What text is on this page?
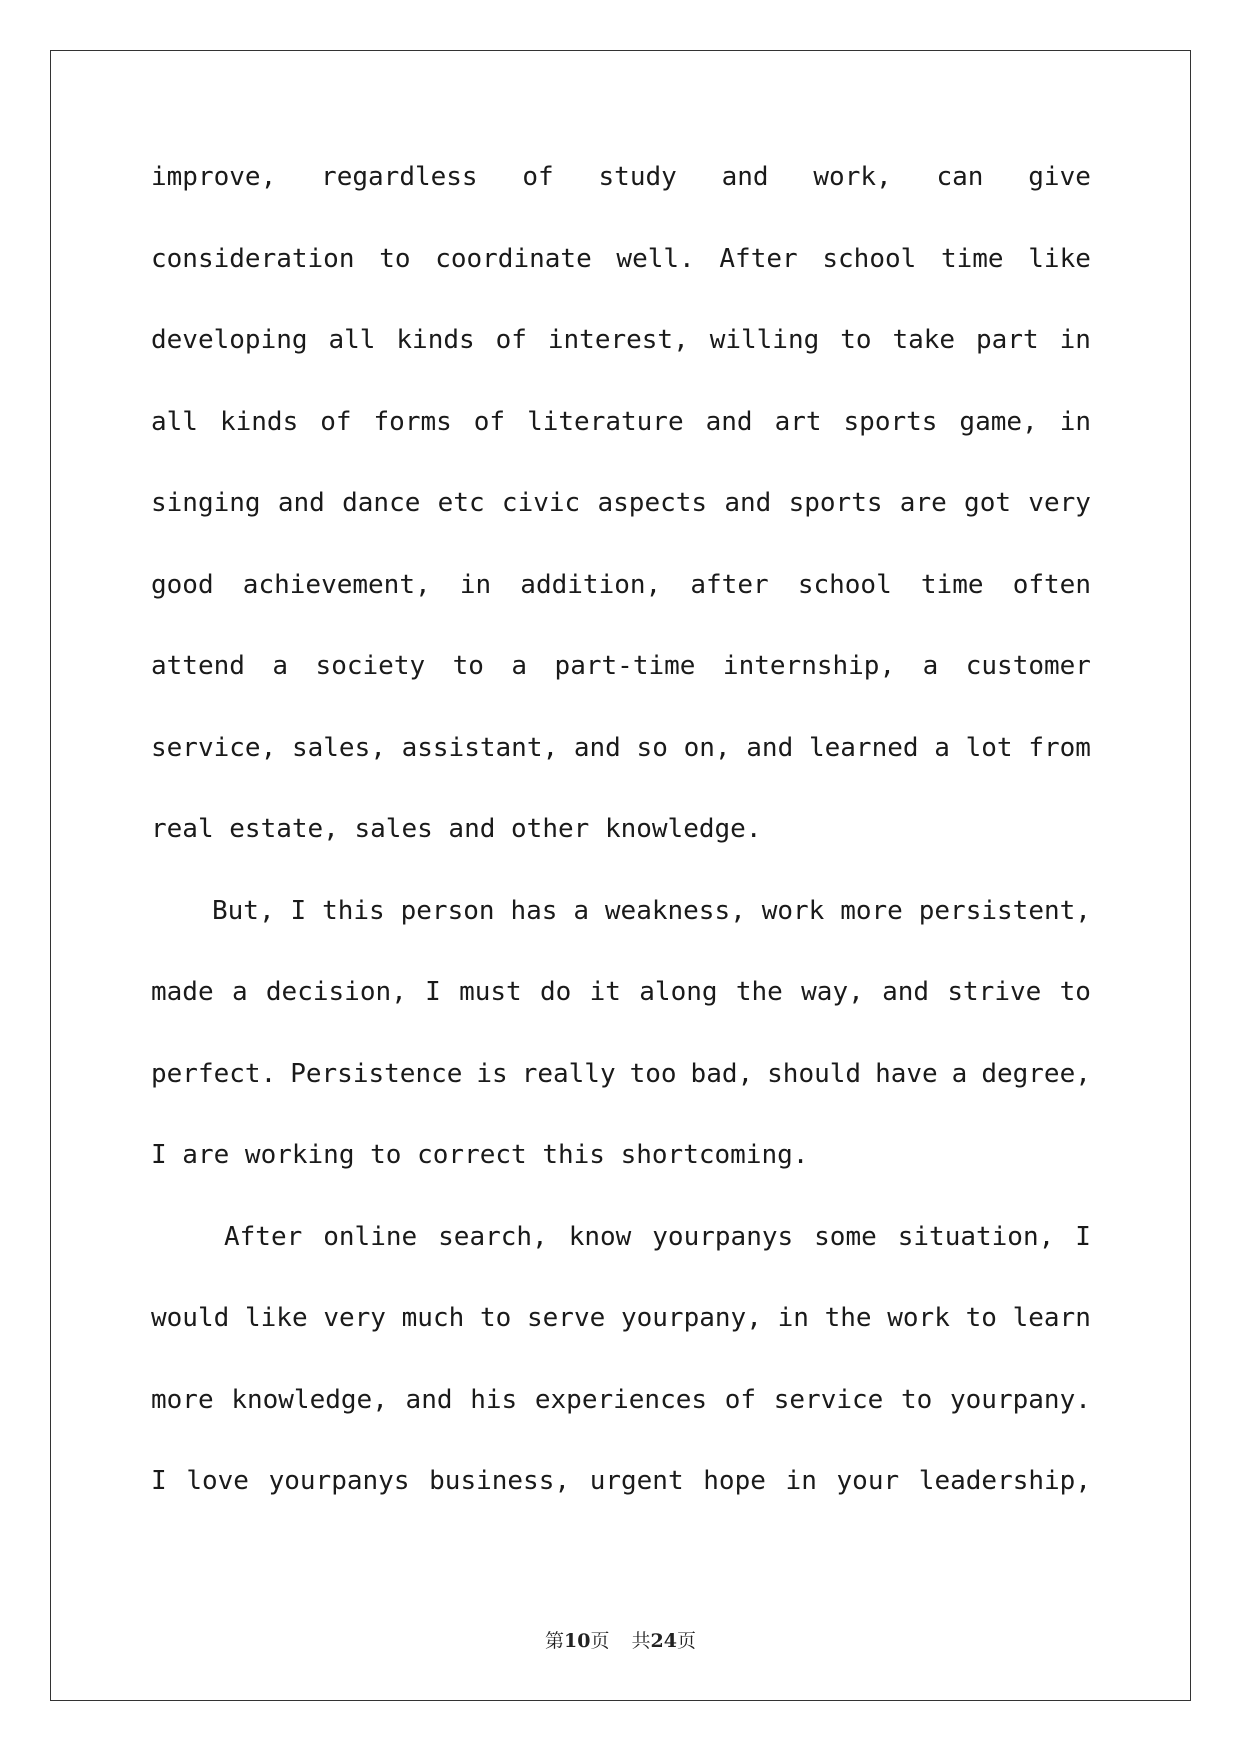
improve, regardless of study and work, can give
consideration to coordinate well. After school time like
developing all kinds of interest, willing to take part in
all kinds of forms of literature and art sports game, in
singing and dance etc civic aspects and sports are got very
good achievement, in addition, after school time often
attend a society to a part-time internship, a customer
service, sales, assistant, and so on, and learned a lot from
real estate, sales and other knowledge.
But, I this person has a weakness, work more persistent,
made a decision, I must do it along the way, and strive to
perfect. Persistence is really too bad, should have a degree,
I are working to correct this shortcoming.
After online search, know yourpanys some situation, I
would like very much to serve yourpany, in the work to learn
more knowledge, and his experiences of service to yourpany.
I love yourpanys business, urgent hope in your leadership,
第10页 共24页
